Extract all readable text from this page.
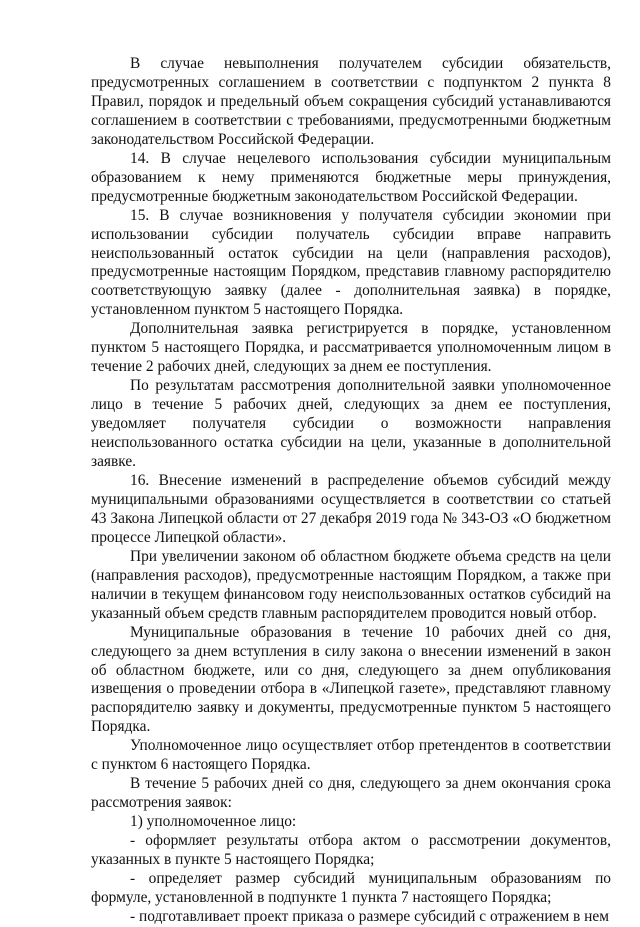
В случае невыполнения получателем субсидии обязательств, предусмотренных соглашением в соответствии с подпунктом 2 пункта 8 Правил, порядок и предельный объем сокращения субсидий устанавливаются соглашением в соответствии с требованиями, предусмотренными бюджетным законодательством Российской Федерации.

14. В случае нецелевого использования субсидии муниципальным образованием к нему применяются бюджетные меры принуждения, предусмотренные бюджетным законодательством Российской Федерации.

15. В случае возникновения у получателя субсидии экономии при использовании субсидии получатель субсидии вправе направить неиспользованный остаток субсидии на цели (направления расходов), предусмотренные настоящим Порядком, представив главному распорядителю соответствующую заявку (далее - дополнительная заявка) в порядке, установленном пунктом 5 настоящего Порядка.

Дополнительная заявка регистрируется в порядке, установленном пунктом 5 настоящего Порядка, и рассматривается уполномоченным лицом в течение 2 рабочих дней, следующих за днем ее поступления.

По результатам рассмотрения дополнительной заявки уполномоченное лицо в течение 5 рабочих дней, следующих за днем ее поступления, уведомляет получателя субсидии о возможности направления неиспользованного остатка субсидии на цели, указанные в дополнительной заявке.

16. Внесение изменений в распределение объемов субсидий между муниципальными образованиями осуществляется в соответствии со статьей 43 Закона Липецкой области от 27 декабря 2019 года № 343-ОЗ «О бюджетном процессе Липецкой области».

При увеличении законом об областном бюджете объема средств на цели (направления расходов), предусмотренные настоящим Порядком, а также при наличии в текущем финансовом году неиспользованных остатков субсидий на указанный объем средств главным распорядителем проводится новый отбор.

Муниципальные образования в течение 10 рабочих дней со дня, следующего за днем вступления в силу закона о внесении изменений в закон об областном бюджете, или со дня, следующего за днем опубликования извещения о проведении отбора в «Липецкой газете», представляют главному распорядителю заявку и документы, предусмотренные пунктом 5 настоящего Порядка.

Уполномоченное лицо осуществляет отбор претендентов в соответствии с пунктом 6 настоящего Порядка.

В течение 5 рабочих дней со дня, следующего за днем окончания срока рассмотрения заявок:

1) уполномоченное лицо:

- оформляет результаты отбора актом о рассмотрении документов, указанных в пункте 5 настоящего Порядка;

- определяет размер субсидий муниципальным образованиям по формуле, установленной в подпункте 1 пункта 7 настоящего Порядка;

- подготавливает проект приказа о размере субсидий с отражением в нем
